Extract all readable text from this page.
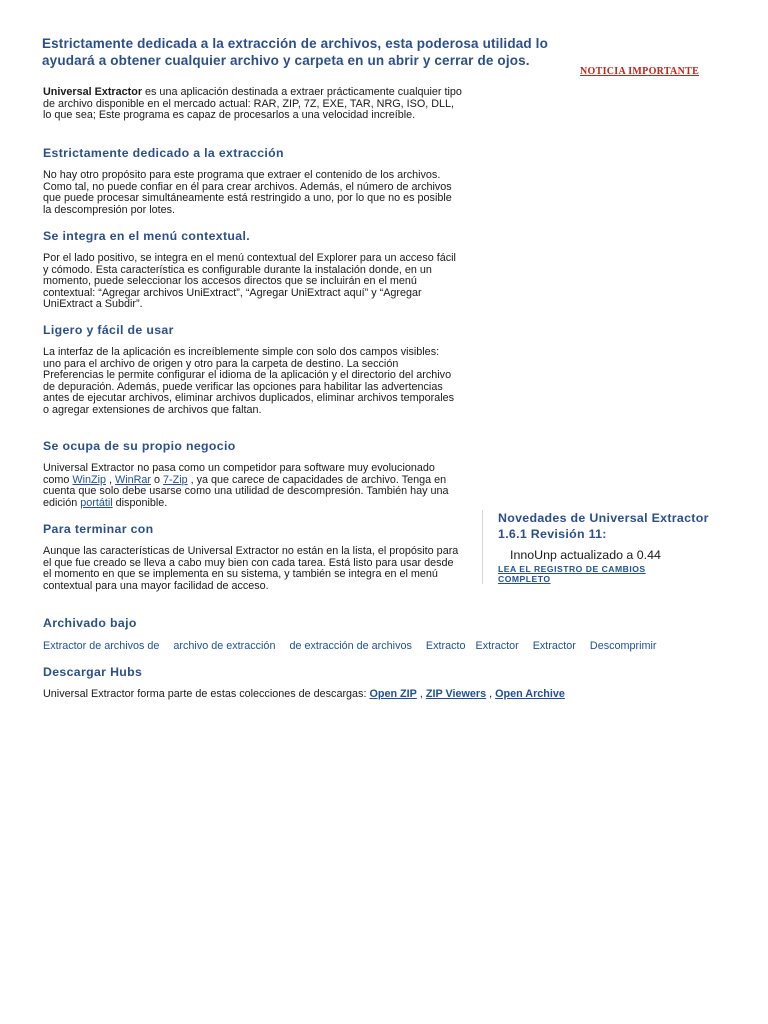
Estrictamente dedicada a la extracción de archivos, esta poderosa utilidad lo ayudará a obtener cualquier archivo y carpeta en un abrir y cerrar de ojos.
NOTICIA IMPORTANTE

Universal Extractor es una aplicación destinada a extraer prácticamente cualquier tipo de archivo disponible en el mercado actual: RAR, ZIP, 7Z, EXE, TAR, NRG, ISO, DLL, lo que sea; Este programa es capaz de procesarlos a una velocidad increíble.

Estrictamente dedicado a la extracción

No hay otro propósito para este programa que extraer el contenido de los archivos. Como tal, no puede confiar en él para crear archivos. Además, el número de archivos que puede procesar simultáneamente está restringido a uno, por lo que no es posible la descompresión por lotes.

Se integra en el menú contextual.

Por el lado positivo, se integra en el menú contextual del Explorer para un acceso fácil y cómodo. Esta característica es configurable durante la instalación donde, en un momento, puede seleccionar los accesos directos que se incluirán en el menú contextual: “Agregar archivos UniExtract”, “Agregar UniExtract aquí” y “Agregar UniExtract a Subdir”.

Ligero y fácil de usar

La interfaz de la aplicación es increíblemente simple con solo dos campos visibles: uno para el archivo de origen y otro para la carpeta de destino. La sección Preferencias le permite configurar el idioma de la aplicación y el directorio del archivo de depuración. Además, puede verificar las opciones para habilitar las advertencias antes de ejecutar archivos, eliminar archivos duplicados, eliminar archivos temporales o agregar extensiones de archivos que faltan.

Se ocupa de su propio negocio

Universal Extractor no pasa como un competidor para software muy evolucionado como WinZip , WinRar o 7-Zip , ya que carece de capacidades de archivo. Tenga en cuenta que solo debe usarse como una utilidad de descompresión. También hay una edición portátil disponible.

Para terminar con

Aunque las características de Universal Extractor no están en la lista, el propósito para el que fue creado se lleva a cabo muy bien con cada tarea. Está listo para usar desde el momento en que se implementa en su sistema, y también se integra en el menú contextual para una mayor facilidad de acceso.

Novedades de Universal Extractor 1.6.1 Revisión 11:

InnoUnp actualizado a 0.44

LEA EL REGISTRO DE CAMBIOS COMPLETO
Archivado bajo
Extractor de archivos de archivo de extracción de extracción de archivos Extracto Extractor Extractor Descomprimir
Descargar Hubs

Universal Extractor forma parte de estas colecciones de descargas: Open ZIP , ZIP Viewers , Open Archive
